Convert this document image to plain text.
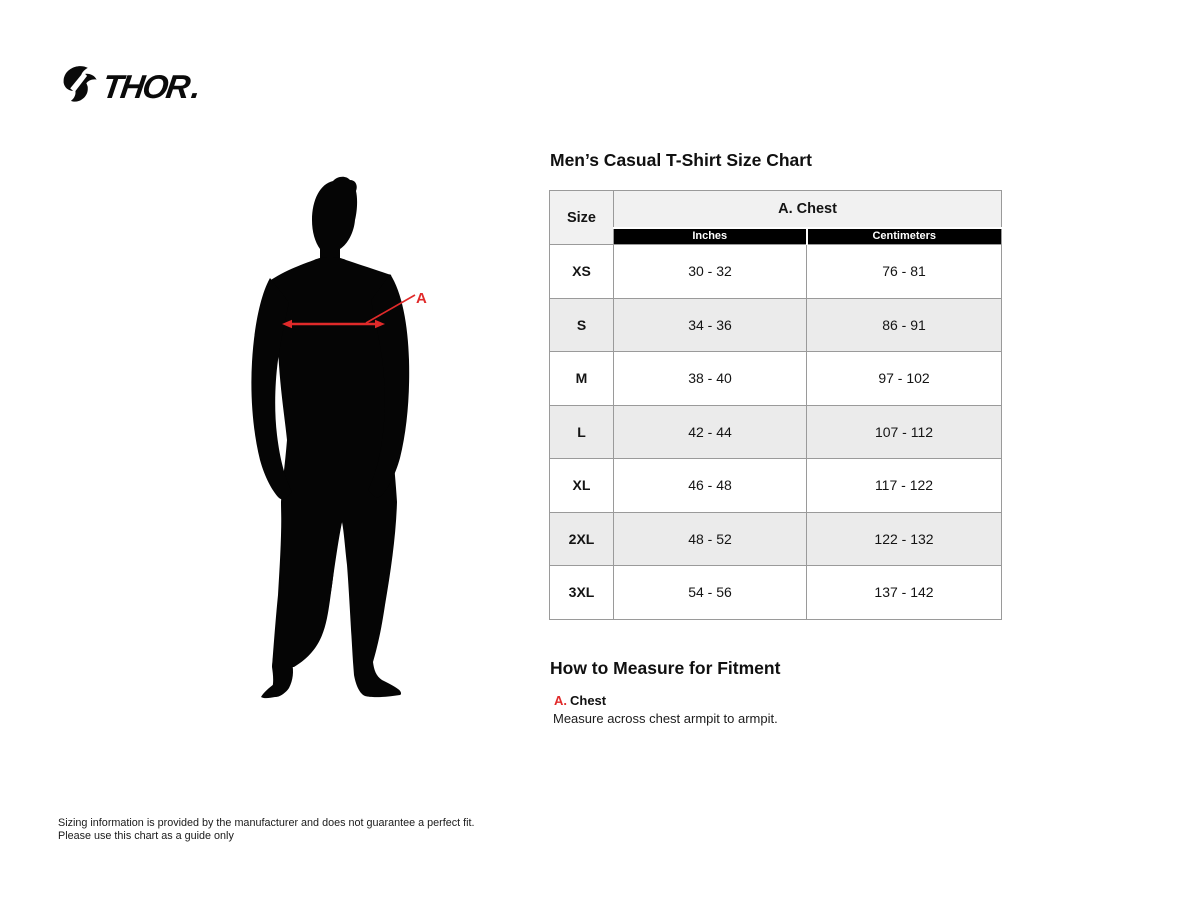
THOR
.
A
Men’s Casual T-Shirt Size Chart
Size	A. Chest	
	Inches	Centimeters
XS	30 - 32	76 - 81
S	34 - 36	86 - 91
M	38 - 40	97 - 102
L	42 - 44	107 - 112
XL	46 - 48	117 - 122
2XL	48 - 52	122 - 132
3XL	54 - 56	137 - 142
How to Measure for Fitment
A. Chest
Measure across chest armpit to armpit.
Sizing information is provided by the manufacturer and does not guarantee a perfect fit.
Please use this chart as a guide only
